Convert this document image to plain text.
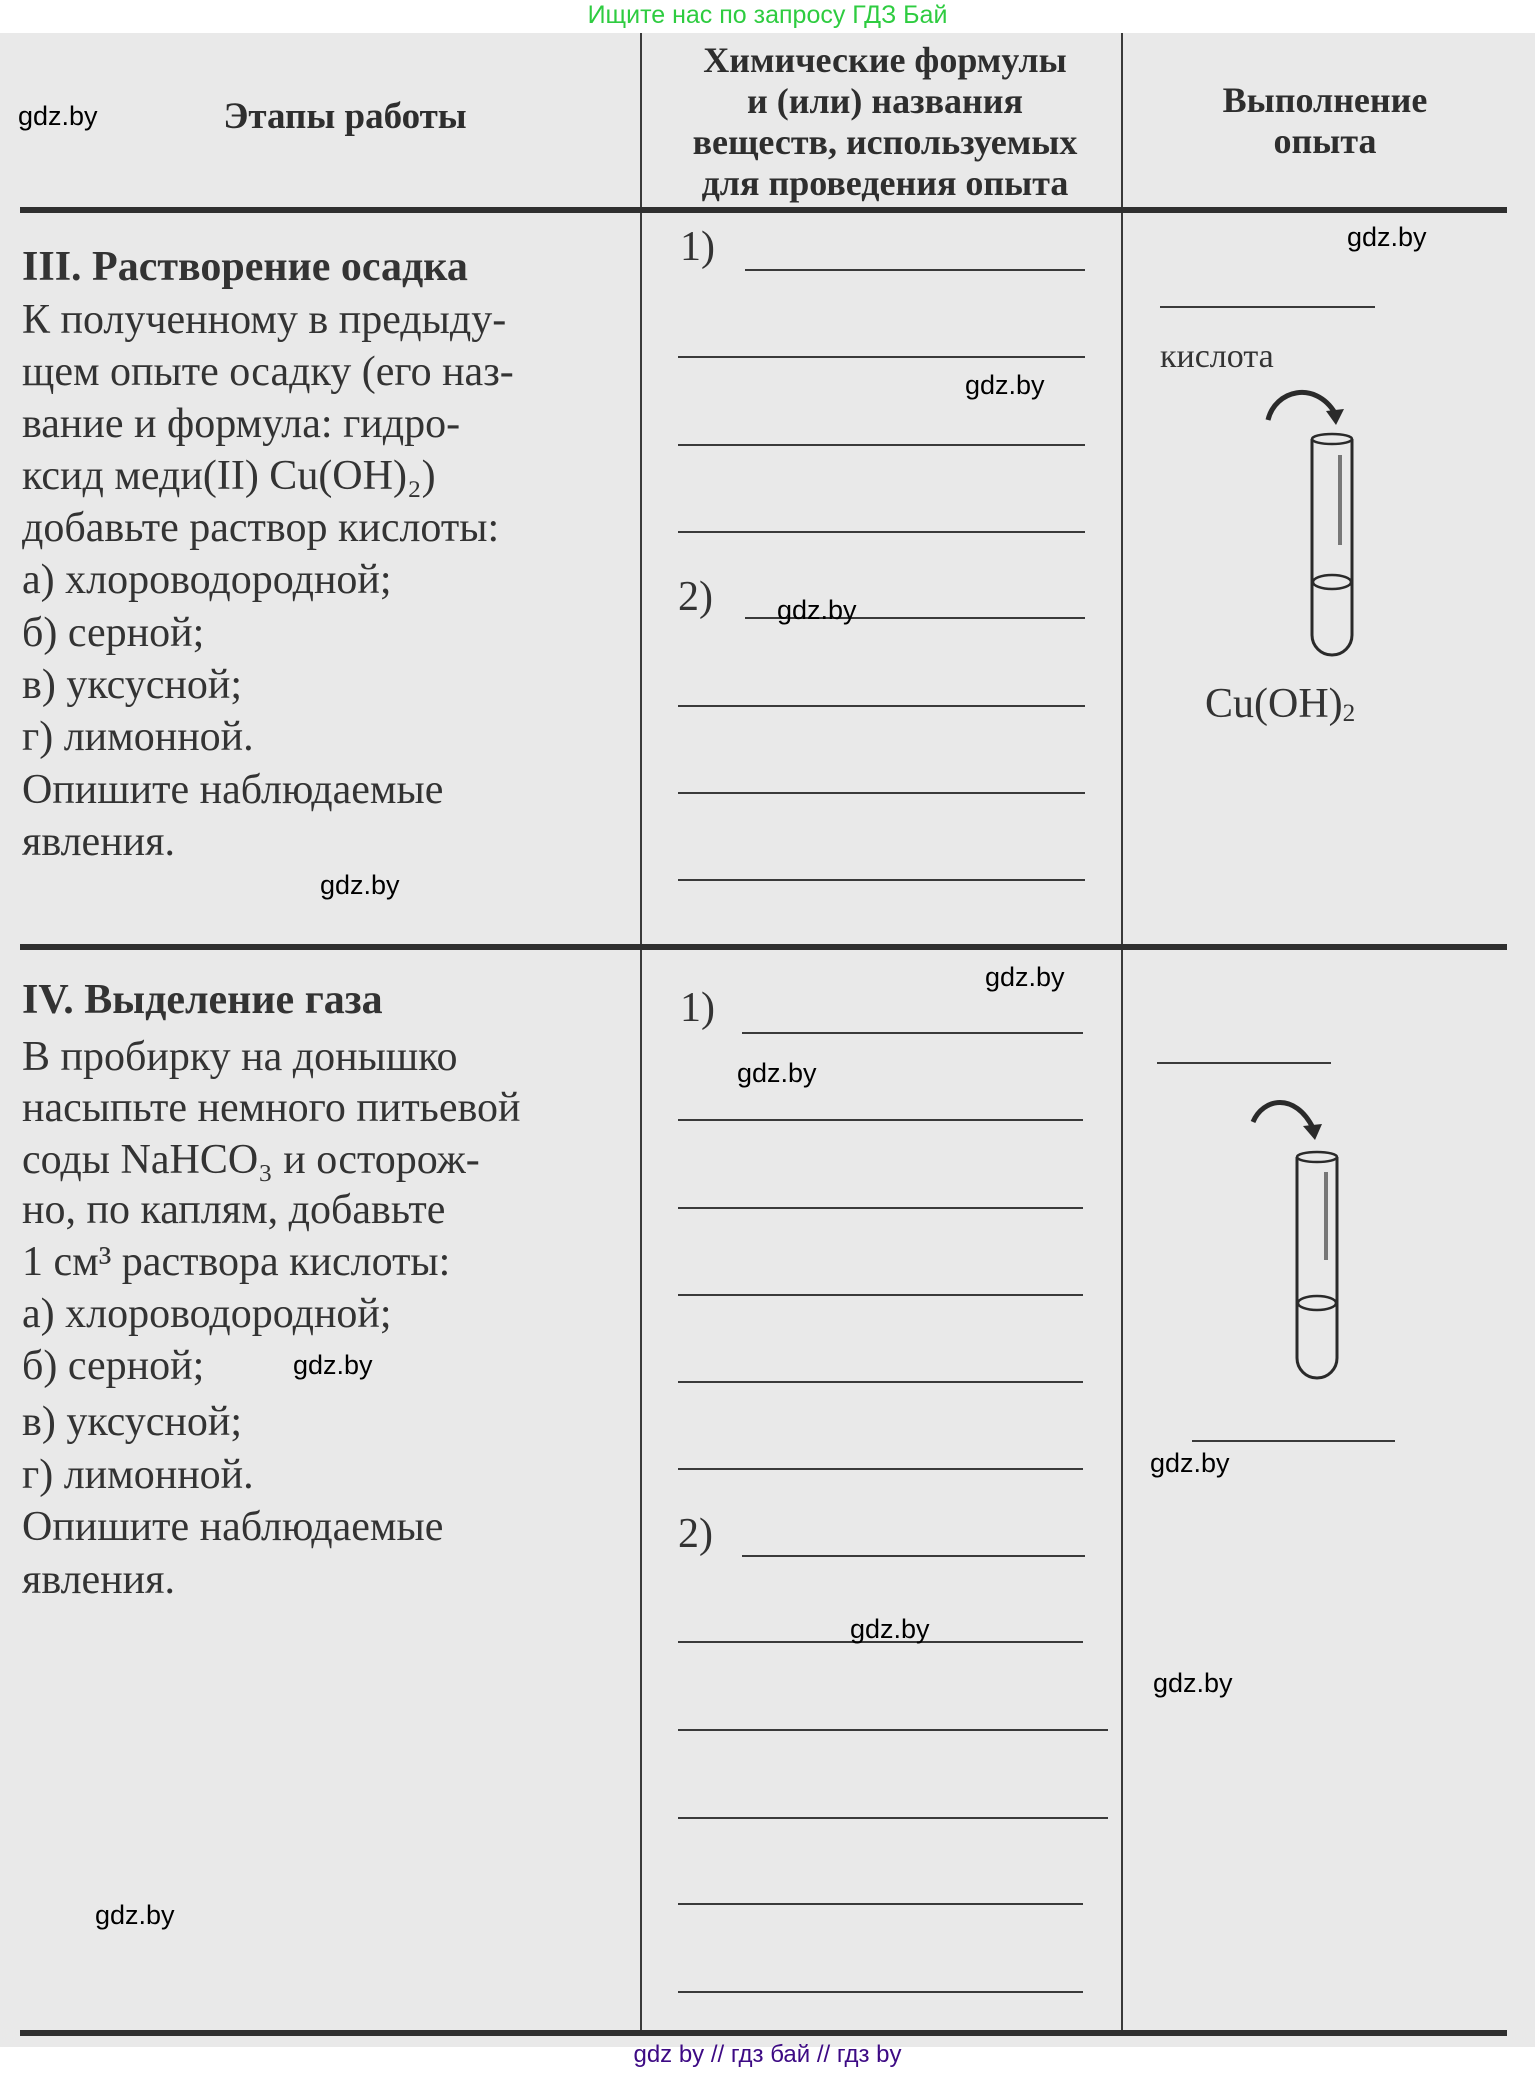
Ищите нас по запросу ГДЗ Бай
Этапы работы
Химические формулы
и (или) названия
веществ, используемых
для проведения опыта
Выполнение
опыта
III. Растворение осадка
К полученному в предыду-
щем опыте осадку (его наз-
вание и формула: гидро-
ксид меди(II) Cu(OH)₂)
добавьте раствор кислоты:
а) хлороводородной;
б) серной;
в) уксусной;
г) лимонной.
Опишите наблюдаемые
явления.
1)
2)
кислота
$Cu(OH)_2$
IV. Выделение газа
В пробирку на донышко
насыпьте немного питьевой
соды NaHCO₃ и осторож-
но, по каплям, добавьте
1 см³ раствора кислоты:
а) хлороводородной;
б) серной;
в) уксусной;
г) лимонной.
Опишите наблюдаемые
явления.
1)
2)
gdz.by
gdz.by
gdz.by
gdz.by
gdz.by
gdz.by
gdz.by
gdz.by
gdz.by
gdz.by
gdz.by
gdz.by
gdz by // гдз бай // гдз by
